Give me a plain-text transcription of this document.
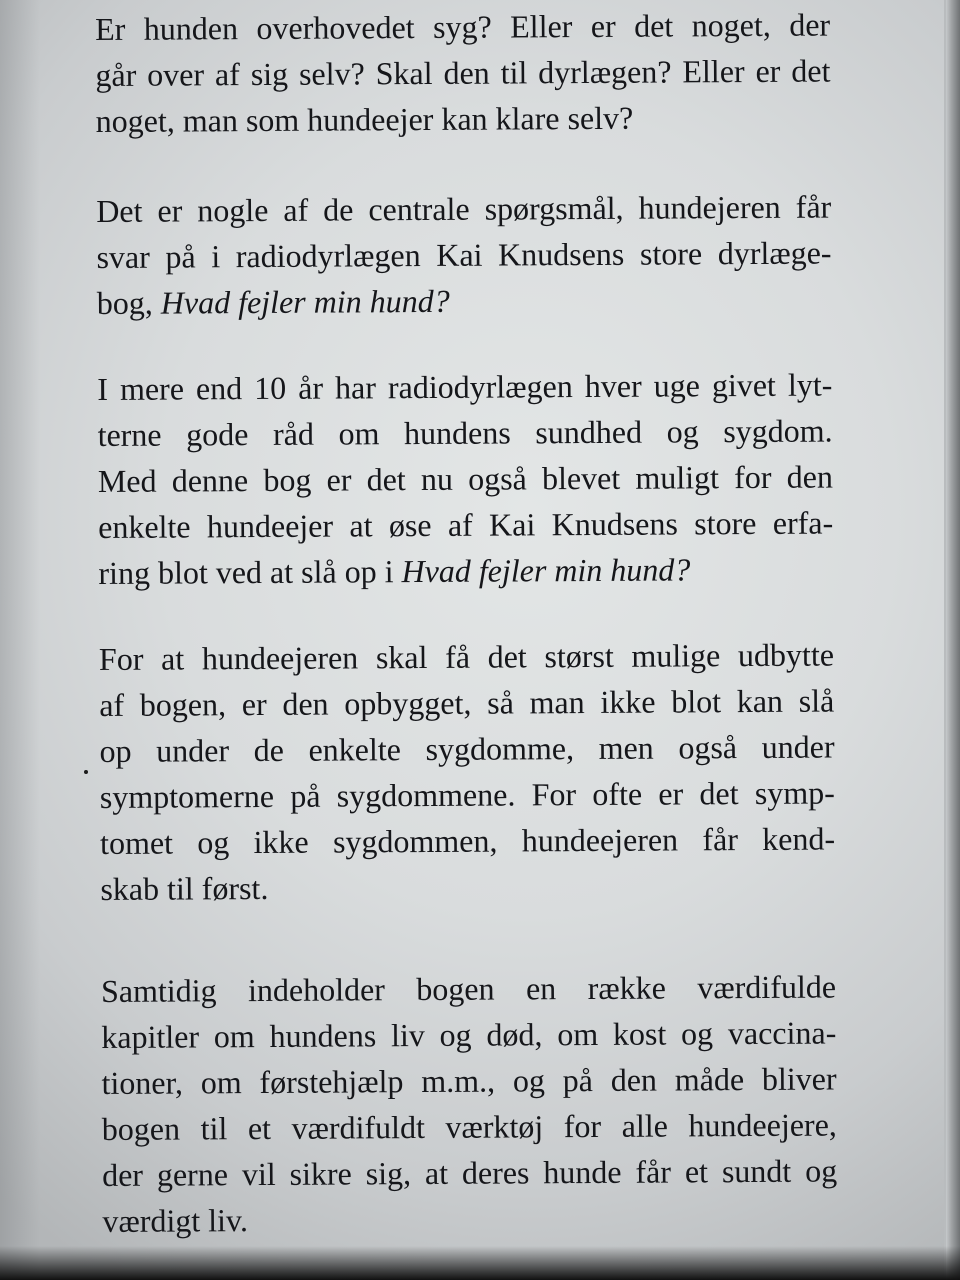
Er hunden overhovedet syg? Eller er det noget, der
går over af sig selv? Skal den til dyrlægen? Eller er det
noget, man som hundeejer kan klare selv?

Det er nogle af de centrale spørgsmål, hundejeren får
svar på i radiodyrlægen Kai Knudsens store dyrlæge-
bog, Hvad fejler min hund?

I mere end 10 år har radiodyrlægen hver uge givet lyt-
terne gode råd om hundens sundhed og sygdom.
Med denne bog er det nu også blevet muligt for den
enkelte hundeejer at øse af Kai Knudsens store erfa-
ring blot ved at slå op i Hvad fejler min hund?

For at hundeejeren skal få det størst mulige udbytte
af bogen, er den opbygget, så man ikke blot kan slå
op under de enkelte sygdomme, men også under
symptomerne på sygdommene. For ofte er det symp-
tomet og ikke sygdommen, hundeejeren får kend-
skab til først.

Samtidig indeholder bogen en række værdifulde
kapitler om hundens liv og død, om kost og vaccina-
tioner, om førstehjælp m.m., og på den måde bliver
bogen til et værdifuldt værktøj for alle hundeejere,
der gerne vil sikre sig, at deres hunde får et sundt og
værdigt liv.
